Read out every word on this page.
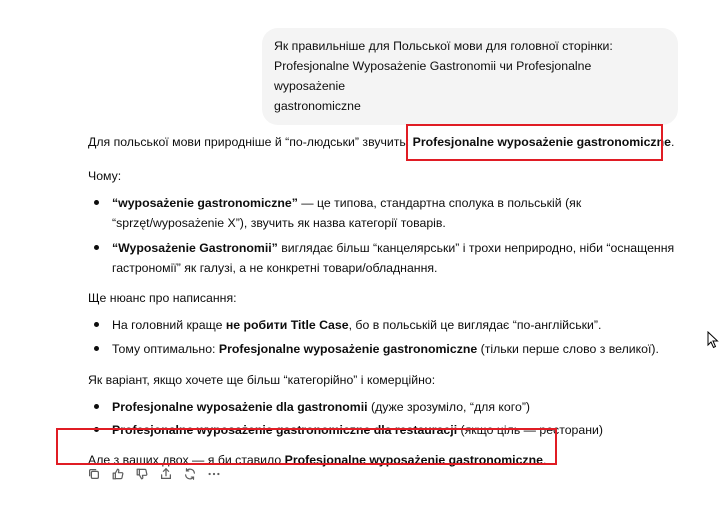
Як правильніше для Польської мови для головної сторінки:
Profesjonalne Wyposażenie Gastronomii чи Profesjonalne wyposażenie
gastronomiczne

Для польської мови природніше й “по-людськи” звучить: Profesjonalne wyposażenie gastronomiczne.

Чому:

“wyposażenie gastronomiczne” — це типова, стандартна сполука в польській (як “sprzęt/wyposażenie X”), звучить як назва категорії товарів.
“Wyposażenie Gastronomii” виглядає більш “канцелярськи” і трохи неприродно, ніби “оснащення гастрономії” як галузі, а не конкретні товари/обладнання.

Ще нюанс про написання:

На головний краще не робити Title Case, бо в польській це виглядає “по-англійськи”.
Тому оптимально: Profesjonalne wyposażenie gastronomiczne (тільки перше слово з великої).

Як варіант, якщо хочете ще більш “категорійно” і комерційно:

Profesjonalne wyposażenie dla gastronomii (дуже зрозуміло, “для кого”)
Profesjonalne wyposażenie gastronomiczne dla restauracji (якщо ціль — ресторани)

Але з ваших двох — я би ставило Profesjonalne wyposażenie gastronomiczne.
